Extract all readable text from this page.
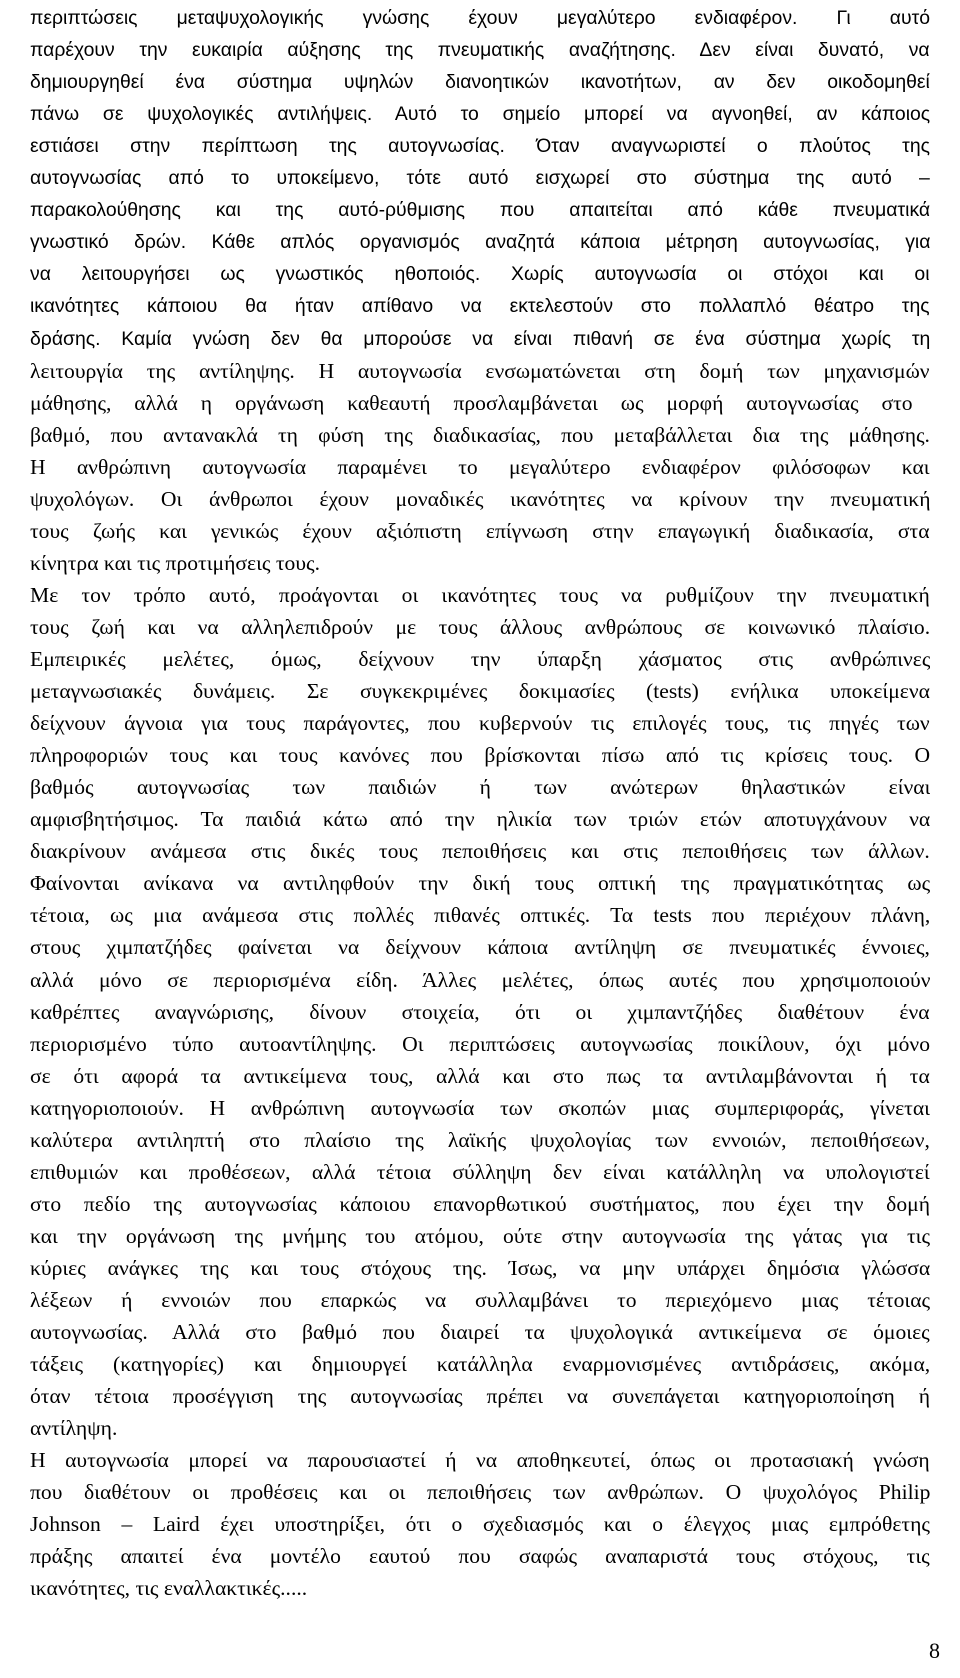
περιπτώσεις μεταψυχολογικής γνώσης έχουν μεγαλύτερο ενδιαφέρον. Γι αυτό
παρέχουν την ευκαιρία αύξησης της πνευματικής αναζήτησης. Δεν είναι δυνατό, να
δημιουργηθεί ένα σύστημα υψηλών διανοητικών ικανοτήτων, αν δεν οικοδομηθεί
πάνω σε ψυχολογικές αντιλήψεις. Αυτό το σημείο μπορεί να αγνοηθεί, αν κάποιος
εστιάσει στην περίπτωση της αυτογνωσίας. Όταν αναγνωριστεί ο πλούτος της
αυτογνωσίας από το υποκείμενο, τότε αυτό εισχωρεί στο σύστημα της αυτό –
παρακολούθησης και της αυτό-ρύθμισης που απαιτείται από κάθε πνευματικά
γνωστικό δρών. Κάθε απλός οργανισμός αναζητά κάποια μέτρηση αυτογνωσίας, για
να λειτουργήσει ως γνωστικός ηθοποιός. Χωρίς αυτογνωσία οι στόχοι και οι
ικανότητες κάποιου θα ήταν απίθανο να εκτελεστούν στο πολλαπλό θέατρο της
δράσης. Καμία γνώση δεν θα μπορούσε να είναι πιθανή σε ένα σύστημα χωρίς τη
λειτουργία της αντίληψης. Η αυτογνωσία ενσωματώνεται στη δομή των μηχανισμών
μάθησης, αλλά η οργάνωση καθεαυτή προσλαμβάνεται ως μορφή αυτογνωσίας στο
βαθμό, που αντανακλά τη φύση της διαδικασίας, που μεταβάλλεται δια της μάθησης.
Η ανθρώπινη αυτογνωσία παραμένει το μεγαλύτερο ενδιαφέρον φιλόσοφων και
ψυχολόγων. Οι άνθρωποι έχουν μοναδικές ικανότητες να κρίνουν την πνευματική
τους ζωής και γενικώς έχουν αξιόπιστη επίγνωση στην επαγωγική διαδικασία, στα
κίνητρα και τις προτιμήσεις τους.
Με τον τρόπο αυτό, προάγονται οι ικανότητες τους να ρυθμίζουν την πνευματική
τους ζωή και να αλληλεπιδρούν με τους άλλους ανθρώπους σε κοινωνικό πλαίσιο.
Εμπειρικές μελέτες, όμως, δείχνουν την ύπαρξη χάσματος στις ανθρώπινες
μεταγνωσιακές δυνάμεις. Σε συγκεκριμένες δοκιμασίες (tests) ενήλικα υποκείμενα
δείχνουν άγνοια για τους παράγοντες, που κυβερνούν τις επιλογές τους, τις πηγές των
πληροφοριών τους και τους κανόνες που βρίσκονται πίσω από τις κρίσεις τους. Ο
βαθμός αυτογνωσίας των παιδιών ή των ανώτερων θηλαστικών είναι
αμφισβητήσιμος. Τα παιδιά κάτω από την ηλικία των τριών ετών αποτυγχάνουν να
διακρίνουν ανάμεσα στις δικές τους πεποιθήσεις και στις πεποιθήσεις των άλλων.
Φαίνονται ανίκανα να αντιληφθούν την δική τους οπτική της πραγματικότητας ως
τέτοια, ως μια ανάμεσα στις πολλές πιθανές οπτικές. Τα tests που περιέχουν πλάνη,
στους χιμπατζήδες φαίνεται να δείχνουν κάποια αντίληψη σε πνευματικές έννοιες,
αλλά μόνο σε περιορισμένα είδη. Άλλες μελέτες, όπως αυτές που χρησιμοποιούν
καθρέπτες αναγνώρισης, δίνουν στοιχεία, ότι οι χιμπαντζήδες διαθέτουν ένα
περιορισμένο τύπο αυτοαντίληψης. Οι περιπτώσεις αυτογνωσίας ποικίλουν, όχι μόνο
σε ότι αφορά τα αντικείμενα τους, αλλά και στο πως τα αντιλαμβάνονται ή τα
κατηγοριοποιούν. Η ανθρώπινη αυτογνωσία των σκοπών μιας συμπεριφοράς, γίνεται
καλύτερα αντιληπτή στο πλαίσιο της λαϊκής ψυχολογίας των εννοιών, πεποιθήσεων,
επιθυμιών και προθέσεων, αλλά τέτοια σύλληψη δεν είναι κατάλληλη να υπολογιστεί
στο πεδίο της αυτογνωσίας κάποιου επανορθωτικού συστήματος, που έχει την δομή
και την οργάνωση της μνήμης του ατόμου, ούτε στην αυτογνωσία της γάτας για τις
κύριες ανάγκες της και τους στόχους της. Ίσως, να μην υπάρχει δημόσια γλώσσα
λέξεων ή εννοιών που επαρκώς να συλλαμβάνει το περιεχόμενο μιας τέτοιας
αυτογνωσίας. Αλλά στο βαθμό που διαιρεί τα ψυχολογικά αντικείμενα σε όμοιες
τάξεις (κατηγορίες) και δημιουργεί κατάλληλα εναρμονισμένες αντιδράσεις, ακόμα,
όταν τέτοια προσέγγιση της αυτογνωσίας πρέπει να συνεπάγεται κατηγοριοποίηση ή
αντίληψη.
Η αυτογνωσία μπορεί να παρουσιαστεί ή να αποθηκευτεί, όπως οι προτασιακή γνώση
που διαθέτουν οι προθέσεις και οι πεποιθήσεις των ανθρώπων. Ο ψυχολόγος Philip
Johnson – Laird έχει υποστηρίξει, ότι ο σχεδιασμός και ο έλεγχος μιας εμπρόθετης
πράξης απαιτεί ένα μοντέλο εαυτού που σαφώς αναπαριστά τους στόχους, τις
ικανότητες, τις εναλλακτικές.....
8
